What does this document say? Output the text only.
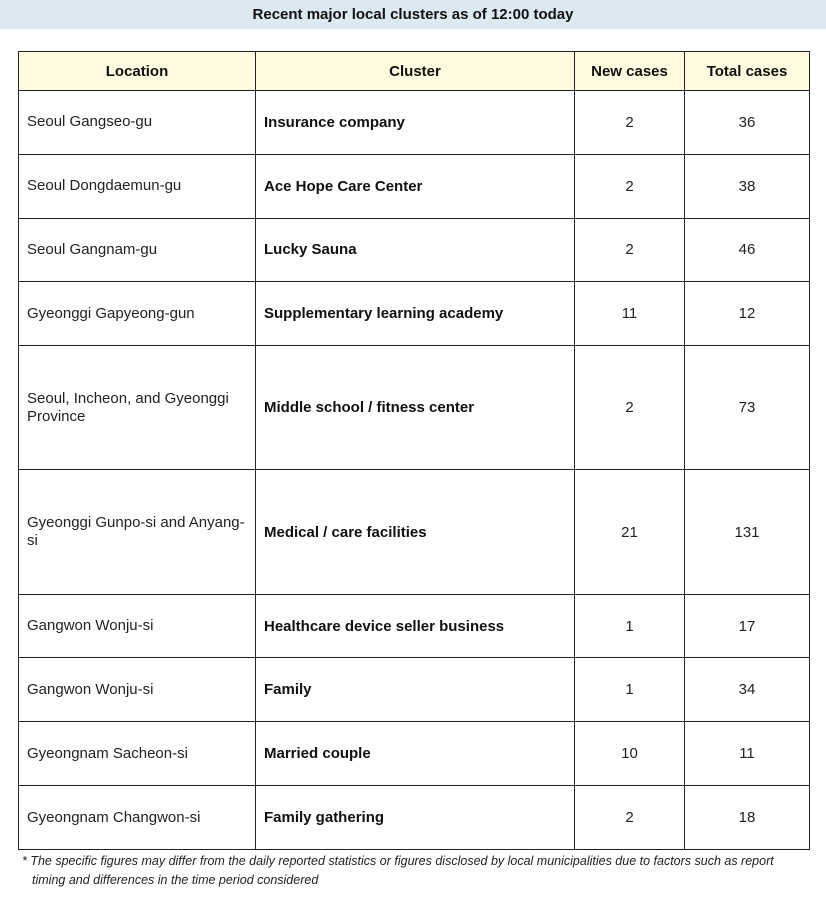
Recent major local clusters as of 12:00 today
Location	Cluster	New cases	Total cases
Seoul Gangseo-gu	Insurance company	2	36
Seoul Dongdaemun-gu	Ace Hope Care Center	2	38
Seoul Gangnam-gu	Lucky Sauna	2	46
Gyeonggi Gapyeong-gun	Supplementary learning academy	11	12
Seoul, Incheon, and Gyeonggi Province	Middle school / fitness center	2	73
Gyeonggi Gunpo-si and Anyang-si	Medical / care facilities	21	131
Gangwon Wonju-si	Healthcare device seller business	1	17
Gangwon Wonju-si	Family	1	34
Gyeongnam Sacheon-si	Married couple	10	11
Gyeongnam Changwon-si	Family gathering	2	18
* The specific figures may differ from the daily reported statistics or figures disclosed by local municipalities due to factors such as report timing and differences in the time period considered
